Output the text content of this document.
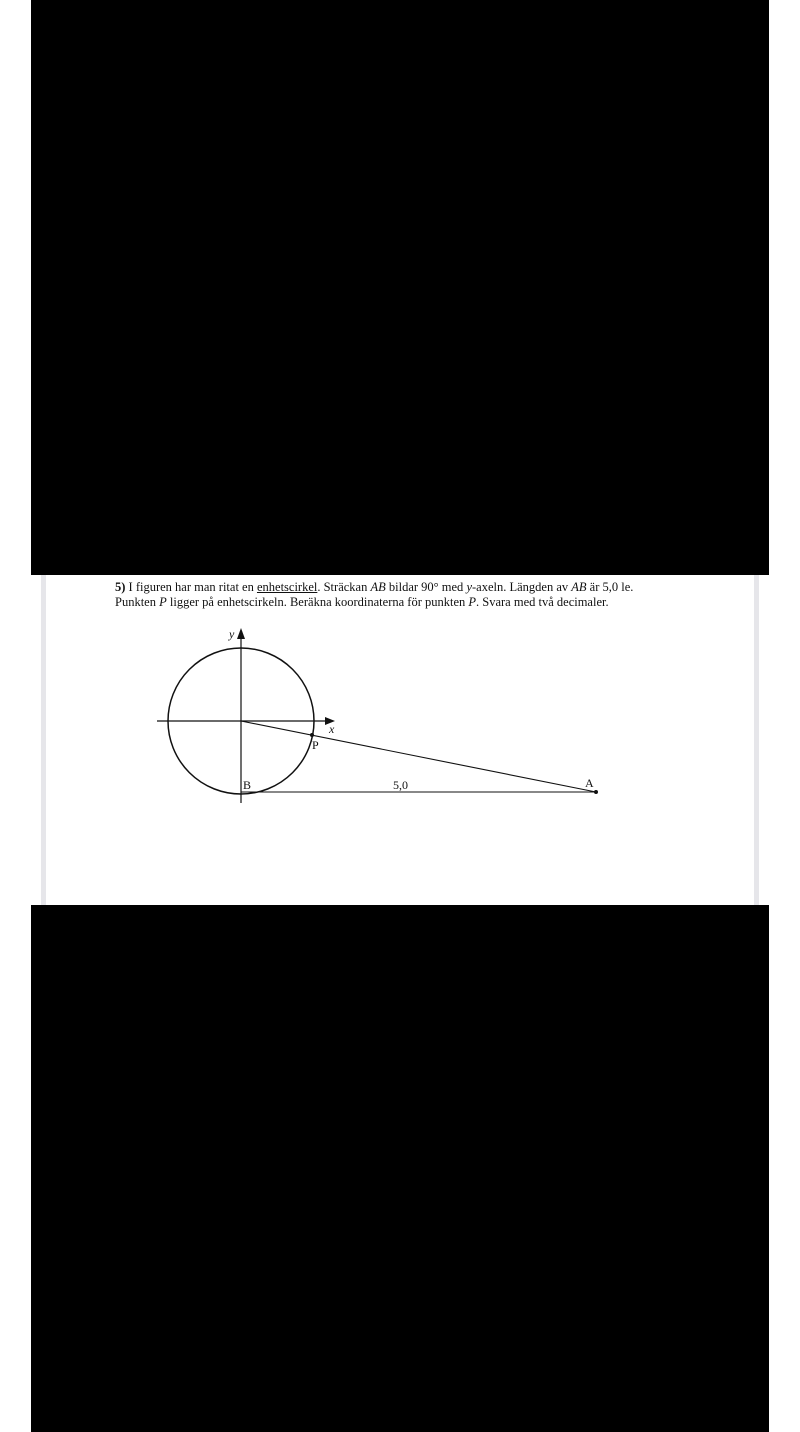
5) I figuren har man ritat en enhetscirkel. Sträckan AB bildar 90° med y-axeln. Längden av AB är 5,0 le. Punkten P ligger på enhetscirkeln. Beräkna koordinaterna för punkten P. Svara med två decimaler.

y
x
P
B	A
5,0
